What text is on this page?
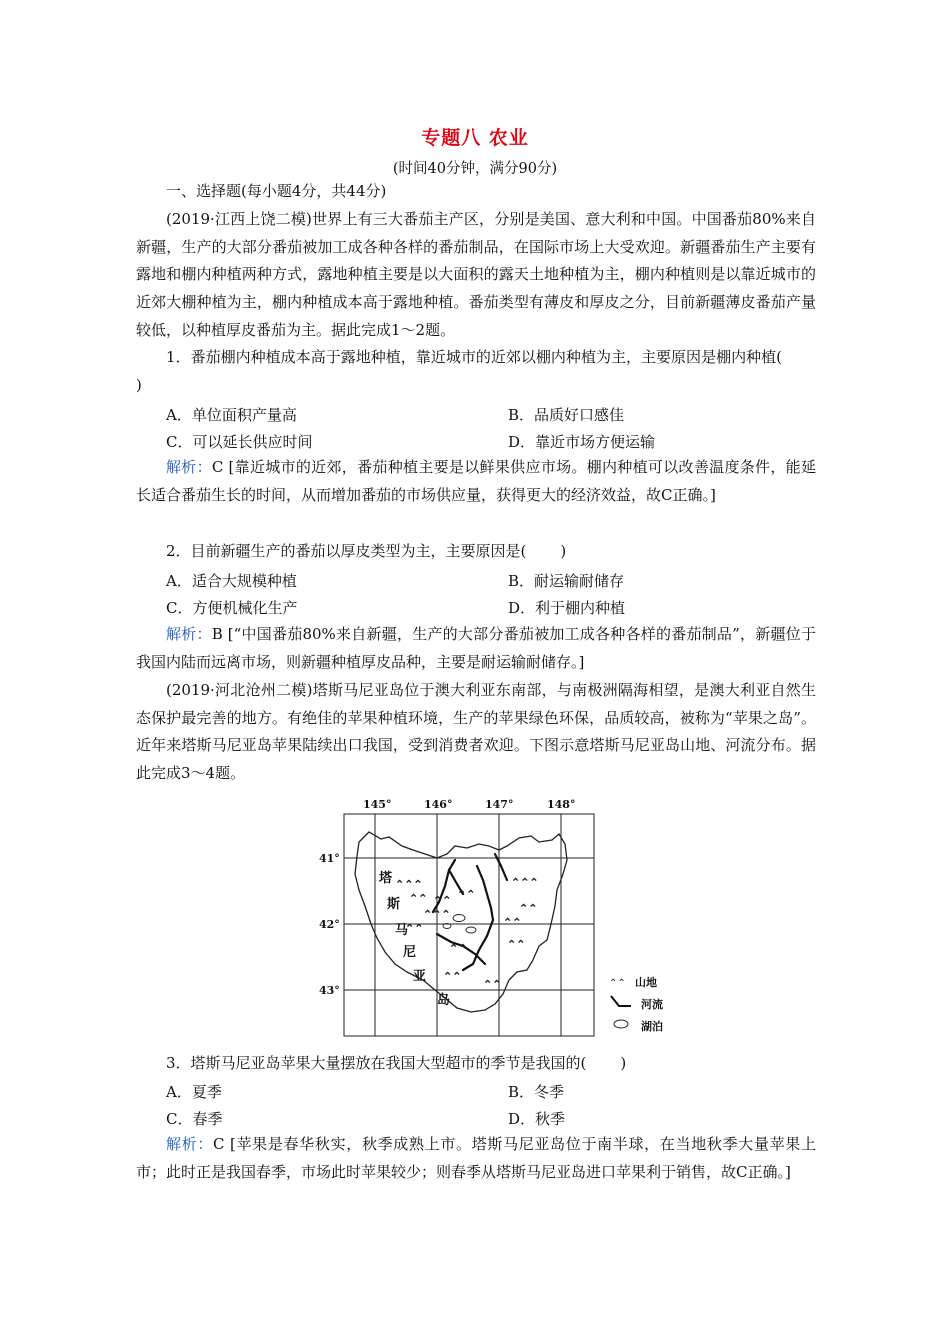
专题八 农业
(时间40分钟，满分90分)

一、选择题(每小题4分，共44分)

(2019·江西上饶二模)世界上有三大番茄主产区，分别是美国、意大利和中国。中国番茄80%来自新疆，生产的大部分番茄被加工成各种各样的番茄制品，在国际市场上大受欢迎。新疆番茄生产主要有露地和棚内种植两种方式，露地种植主要是以大面积的露天土地种植为主，棚内种植则是以靠近城市的近郊大棚种植为主，棚内种植成本高于露地种植。番茄类型有薄皮和厚皮之分，目前新疆薄皮番茄产量较低，以种植厚皮番茄为主。据此完成1～2题。

1．番茄棚内种植成本高于露地种植，靠近城市的近郊以棚内种植为主，主要原因是棚内种植()

A．单位面积产量高	B．品质好口感佳
C．可以延长供应时间	D．靠近市场方便运输

解析：C [靠近城市的近郊，番茄种植主要是以鲜果供应市场。棚内种植可以改善温度条件，能延长适合番茄生长的时间，从而增加番茄的市场供应量，获得更大的经济效益，故C正确。]

2．目前新疆生产的番茄以厚皮类型为主，主要原因是( )

A．适合大规模种植	B．耐运输耐储存
C．方便机械化生产	D．利于棚内种植

解析：B [“中国番茄80%来自新疆，生产的大部分番茄被加工成各种各样的番茄制品”，新疆位于我国内陆而远离市场，则新疆种植厚皮品种，主要是耐运输耐储存。]

(2019·河北沧州二模)塔斯马尼亚岛位于澳大利亚东南部，与南极洲隔海相望，是澳大利亚自然生态保护最完善的地方。有绝佳的苹果种植环境，生产的苹果绿色环保，品质较高，被称为“苹果之岛”。近年来塔斯马尼亚岛苹果陆续出口我国，受到消费者欢迎。下图示意塔斯马尼亚岛山地、河流分布。据此完成3～4题。

⌃⌃⌃
⌃⌃
⌃⌃⌃
⌃⌃
⌃⌃⌃
⌃⌃
⌃⌃
⌃⌃
⌃⌃	⌃⌃
⌃⌃
⌃⌃
⌃⌃
145°	146°	147°	148°
41°
42°
43°
塔
斯
马
尼
亚
岛
⌃⌃ 山地
河流
湖泊

3．塔斯马尼亚岛苹果大量摆放在我国大型超市的季节是我国的( )

A．夏季	B．冬季
C．春季	D．秋季

解析：C [苹果是春华秋实，秋季成熟上市。塔斯马尼亚岛位于南半球，在当地秋季大量苹果上市；此时正是我国春季，市场此时苹果较少；则春季从塔斯马尼亚岛进口苹果利于销售，故C正确。]
